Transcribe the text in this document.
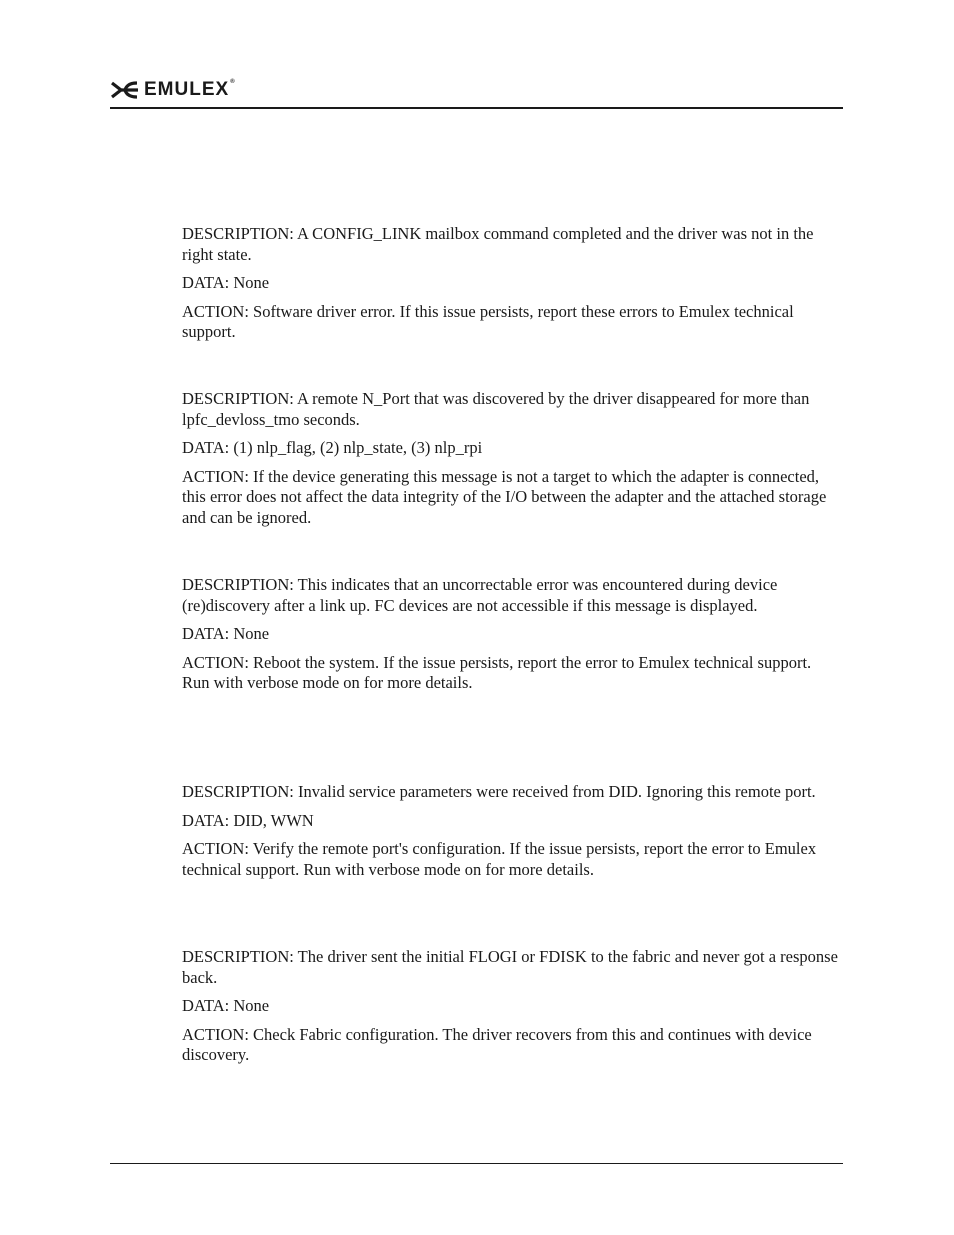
EMULEX®

DESCRIPTION: A CONFIG_LINK mailbox command completed and the driver was not in the right state.

DATA: None

ACTION: Software driver error. If this issue persists, report these errors to Emulex technical support.

DESCRIPTION: A remote N_Port that was discovered by the driver disappeared for more than lpfc_devloss_tmo seconds.

DATA: (1) nlp_flag, (2) nlp_state, (3) nlp_rpi

ACTION: If the device generating this message is not a target to which the adapter is connected, this error does not affect the data integrity of the I/O between the adapter and the attached storage and can be ignored.

DESCRIPTION: This indicates that an uncorrectable error was encountered during device (re)discovery after a link up. FC devices are not accessible if this message is displayed.

DATA: None

ACTION: Reboot the system. If the issue persists, report the error to Emulex technical support. Run with verbose mode on for more details.

DESCRIPTION: Invalid service parameters were received from DID. Ignoring this remote port.

DATA: DID, WWN

ACTION: Verify the remote port's configuration. If the issue persists, report the error to Emulex technical support. Run with verbose mode on for more details.

DESCRIPTION: The driver sent the initial FLOGI or FDISK to the fabric and never got a response back.

DATA: None

ACTION: Check Fabric configuration. The driver recovers from this and continues with device discovery.
